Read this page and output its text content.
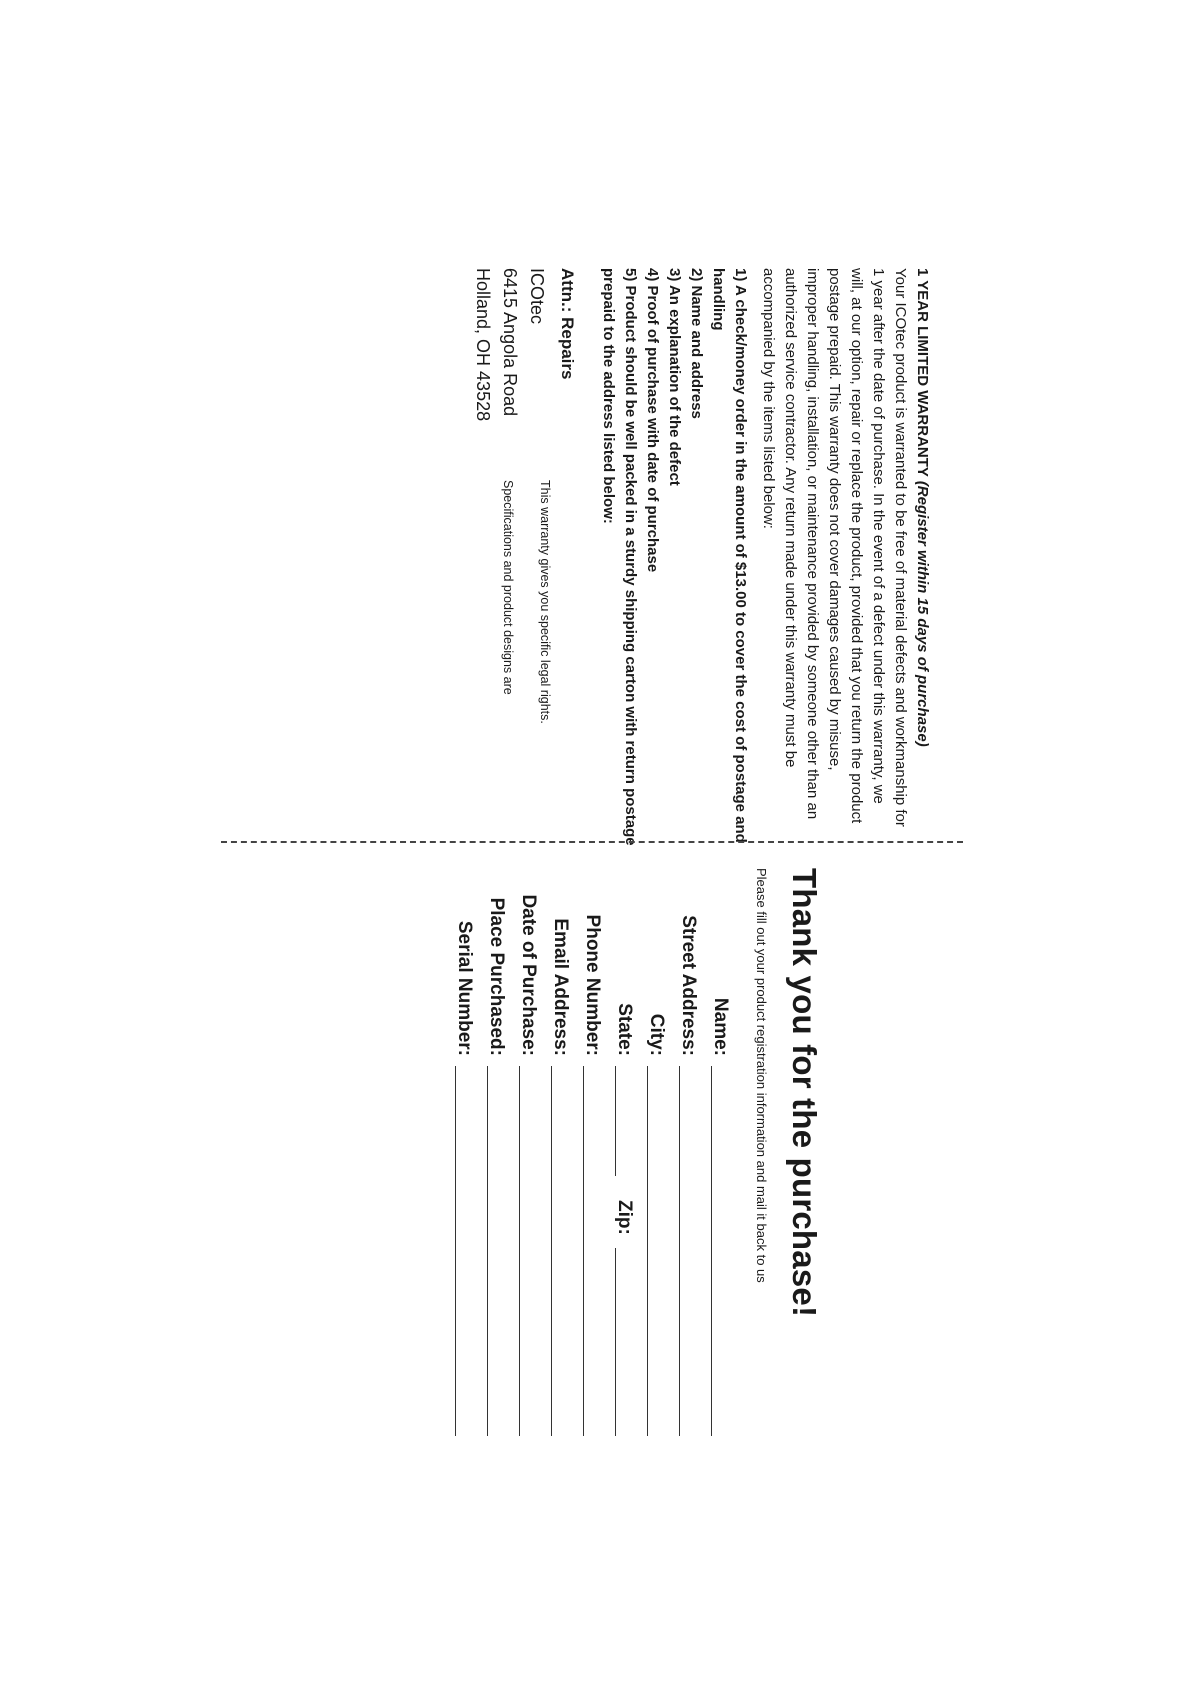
1 YEAR LIMITED WARRANTY (Register within 15 days of purchase)
Your ICOtec product is warranted to be free of material defects and workmanship for 1 year after the date of purchase. In the event of a defect under this warranty, we will, at our option, repair or replace the product, provided that you return the product postage prepaid. This warranty does not cover damages caused by misuse, improper handling, installation, or maintenance provided by someone other than an authorized service contractor. Any return made under this warranty must be accompanied by the items listed below:
1) A check/money order in the amount of $13.00 to cover the cost of postage and handling
2) Name and address
3) An explanation of the defect
4) Proof of purchase with date of purchase
5) Product should be well packed in a sturdy shipping carton with return postage prepaid to the address listed below:
Attn.: Repairs
ICOtec
6415 Angola Road
Holland, OH 43528
This warranty gives you specific legal rights.
Specifications and product designs are
Thank you for the purchase!
Please fill out your product registration information and mail it back to us
Name:
Street Address:
City:
State:
Zip:
Phone Number:
Email Address:
Date of Purchase:
Place Purchased:
Serial Number:
